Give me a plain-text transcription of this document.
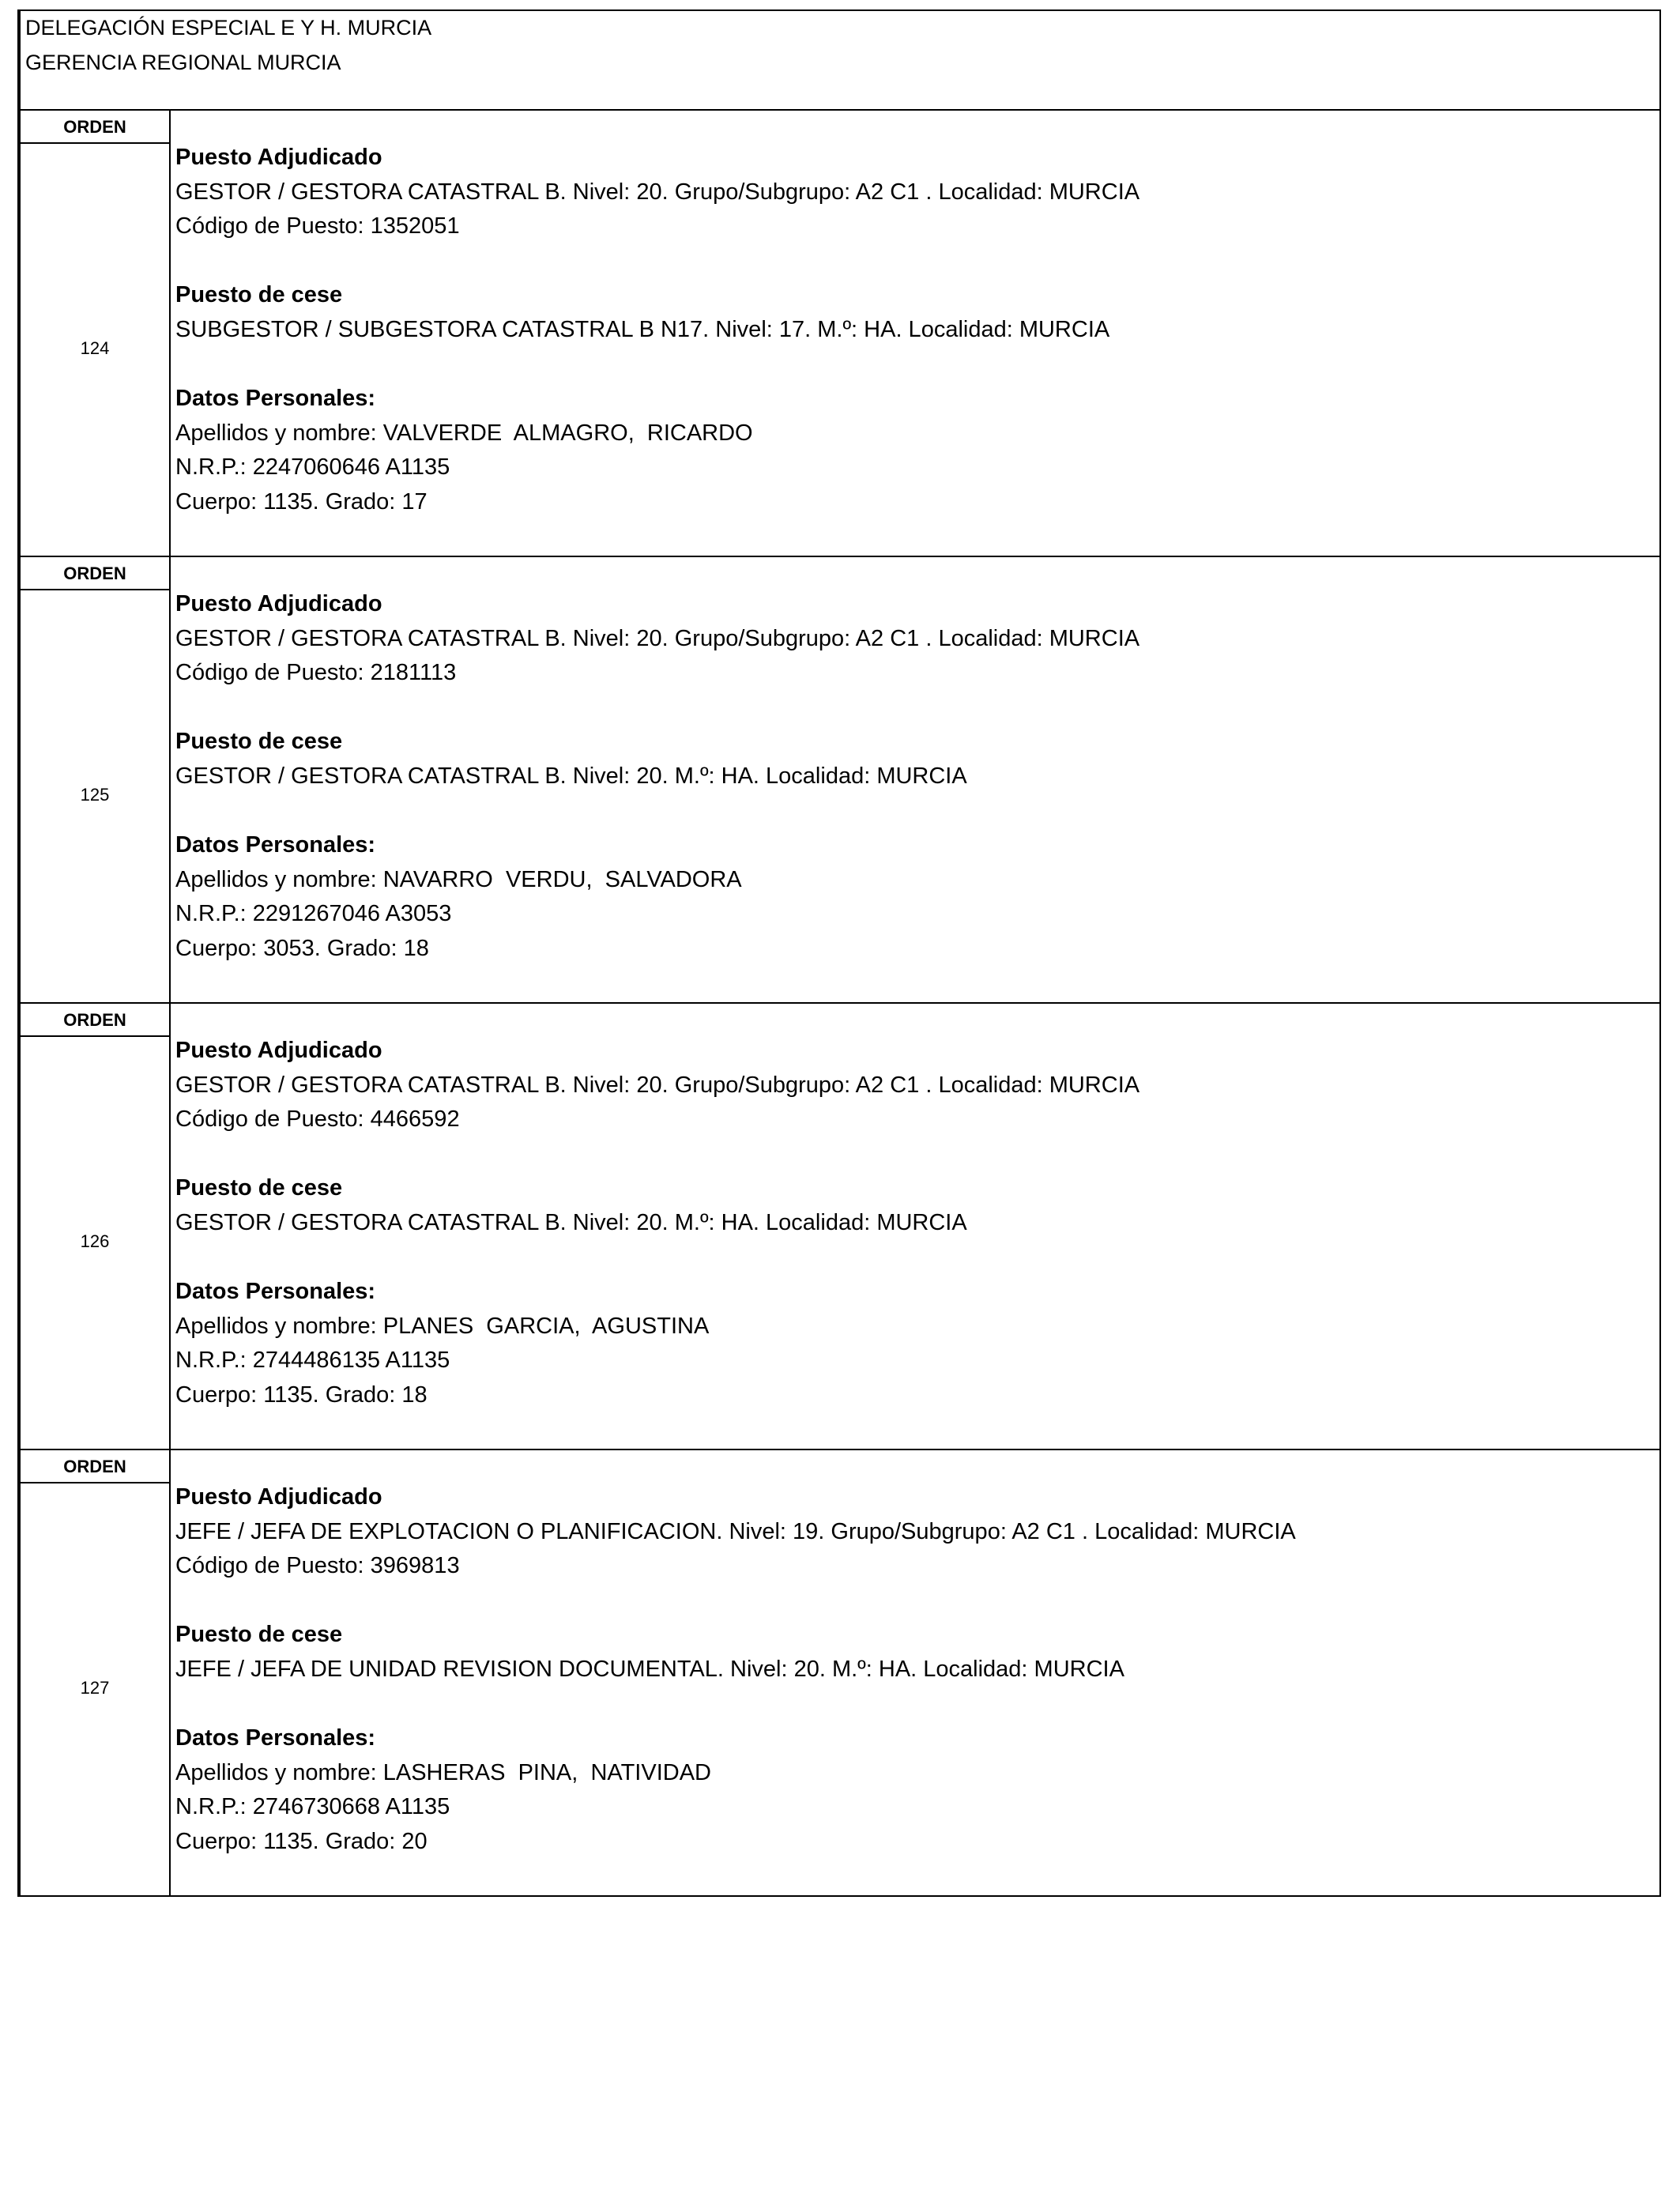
DELEGACIÓN ESPECIAL E Y H. MURCIA
GERENCIA REGIONAL MURCIA
ORDEN
124
Puesto Adjudicado
GESTOR / GESTORA CATASTRAL B. Nivel: 20. Grupo/Subgrupo: A2 C1 . Localidad: MURCIA
Código de Puesto: 1352051
Puesto de cese
SUBGESTOR / SUBGESTORA CATASTRAL B N17. Nivel: 17. M.º: HA. Localidad: MURCIA
Datos Personales:
Apellidos y nombre: VALVERDE  ALMAGRO,  RICARDO
N.R.P.: 2247060646 A1135
Cuerpo: 1135. Grado: 17
ORDEN
125
Puesto Adjudicado
GESTOR / GESTORA CATASTRAL B. Nivel: 20. Grupo/Subgrupo: A2 C1 . Localidad: MURCIA
Código de Puesto: 2181113
Puesto de cese
GESTOR / GESTORA CATASTRAL B. Nivel: 20. M.º: HA. Localidad: MURCIA
Datos Personales:
Apellidos y nombre: NAVARRO  VERDU,  SALVADORA
N.R.P.: 2291267046 A3053
Cuerpo: 3053. Grado: 18
ORDEN
126
Puesto Adjudicado
GESTOR / GESTORA CATASTRAL B. Nivel: 20. Grupo/Subgrupo: A2 C1 . Localidad: MURCIA
Código de Puesto: 4466592
Puesto de cese
GESTOR / GESTORA CATASTRAL B. Nivel: 20. M.º: HA. Localidad: MURCIA
Datos Personales:
Apellidos y nombre: PLANES  GARCIA,  AGUSTINA
N.R.P.: 2744486135 A1135
Cuerpo: 1135. Grado: 18
ORDEN
127
Puesto Adjudicado
JEFE / JEFA DE EXPLOTACION O PLANIFICACION. Nivel: 19. Grupo/Subgrupo: A2 C1 . Localidad: MURCIA
Código de Puesto: 3969813
Puesto de cese
JEFE / JEFA DE UNIDAD REVISION DOCUMENTAL. Nivel: 20. M.º: HA. Localidad: MURCIA
Datos Personales:
Apellidos y nombre: LASHERAS  PINA,  NATIVIDAD
N.R.P.: 2746730668 A1135
Cuerpo: 1135. Grado: 20
